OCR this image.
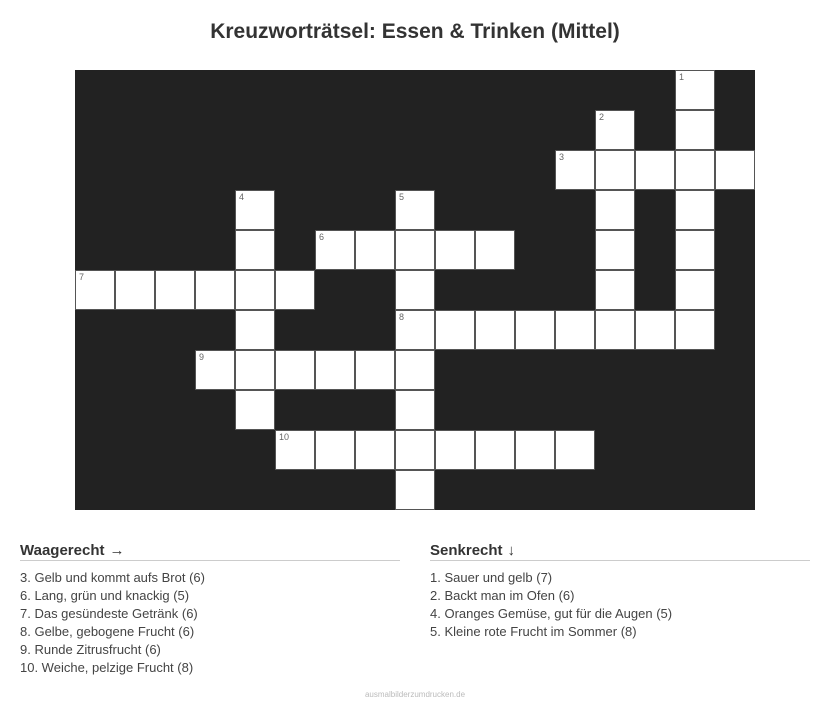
Kreuzworträtsel: Essen & Trinken (Mittel)
1
2
3
4	5
6
7
8
9
10
Waagerecht →
3. Gelb und kommt aufs Brot (6)
6. Lang, grün und knackig (5)
7. Das gesündeste Getränk (6)
8. Gelbe, gebogene Frucht (6)
9. Runde Zitrusfrucht (6)
10. Weiche, pelzige Frucht (8)
Senkrecht ↓
1. Sauer und gelb (7)
2. Backt man im Ofen (6)
4. Oranges Gemüse, gut für die Augen (5)
5. Kleine rote Frucht im Sommer (8)
ausmalbilderzumdrucken.de
